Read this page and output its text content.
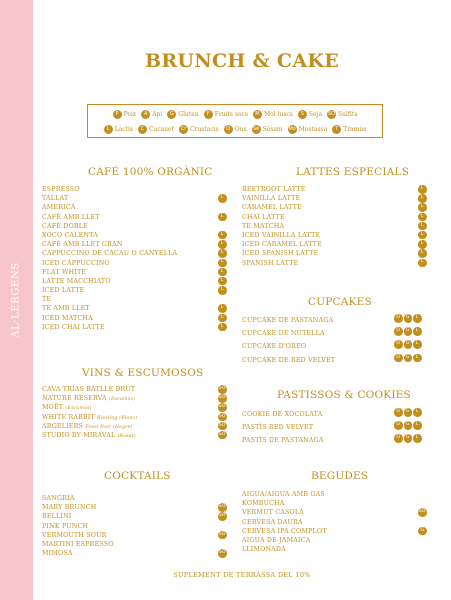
AL·LÈRGENS
BRUNCH & CAKE
P Peix	A Api	G Gluten	F Fruits secs	M Mol·luscs	S Soja SO Sulfits
L Lactis	C Cacauet	Cr Crustacis	O Ous Sè Sèsam Mo Mostassa	T Tramús
CAFÉ 100% ORGÀNIC
ESPRESSO
TALLAT	L
AMERICÀ
CAFÈ AMB LLET	L
CAFÈ DOBLE
XOCO CALENTA	L
CAFÈ AMB LLET GRAN	L
CAPPUCCINO DE CACAU O CANYELLA	L
ICED CAPPUCCINO	L
FLAT WHITE	L
LATTE MACCHIATO	L
ICED LATTE	L
TE
TE AMB LLET	L
ICED MATCHA	L
ICED CHAI LATTE	L
LATTES ESPECIALS
BEETROOT LATTE	L
VAINILLA LATTE	L
CARAMEL LATTE	L
CHAI LATTE	L
TE MATCHA	L
ICED VAINILLA LATTE	L
ICED CARAMEL LATTE	L
ICED SPANISH LATTE	L
SPANISH LATTE	L
CUPCAKES
CUPCAKE DE PASTANAGA	O	G	L
CUPCAKE DE NUTELLA	O	G	L
CUPCAKE D'OREO	O	G	L
CUPCAKE DE RED VELVET	O	G	L
VINS & ESCUMOSOS
CAVA TRIAS BATLLE BRUT	SO
NATURE RESERVA (Escumós)	SO
MOËT (Escumós)	SO
WHITE RABBIT Riesling (Blanc)	SO
ARGELIERS Pinot Noir (Negre)	SO
STUDIO BY MIRAVAL (Rosat)	SO
PASTISSOS & COOKIES
COOKIE DE XOCOLATA	O	G	L
PASTÍS RED VELVET	O	G	L
PASTÍS DE PASTANAGA	O	G	L
COCKTAILS
SANGRIA
MARY BRUNCH	SO
BELLINI	SO
PINK PUNCH
VERMOUTH SOUR	SO
MARTINI ESPRESSO
MIMOSA	SO
BEGUDES
AIGUA/AIGUA AMB GAS
KOMBUCHA
VERMUT CASOLÀ	SO
CERVESA DAURA
CERVESA IPA COMPLOT	G
AIGUA DE JAMAICA
LLIMONADA
SUPLEMENT DE TERRASSA DEL 10%
